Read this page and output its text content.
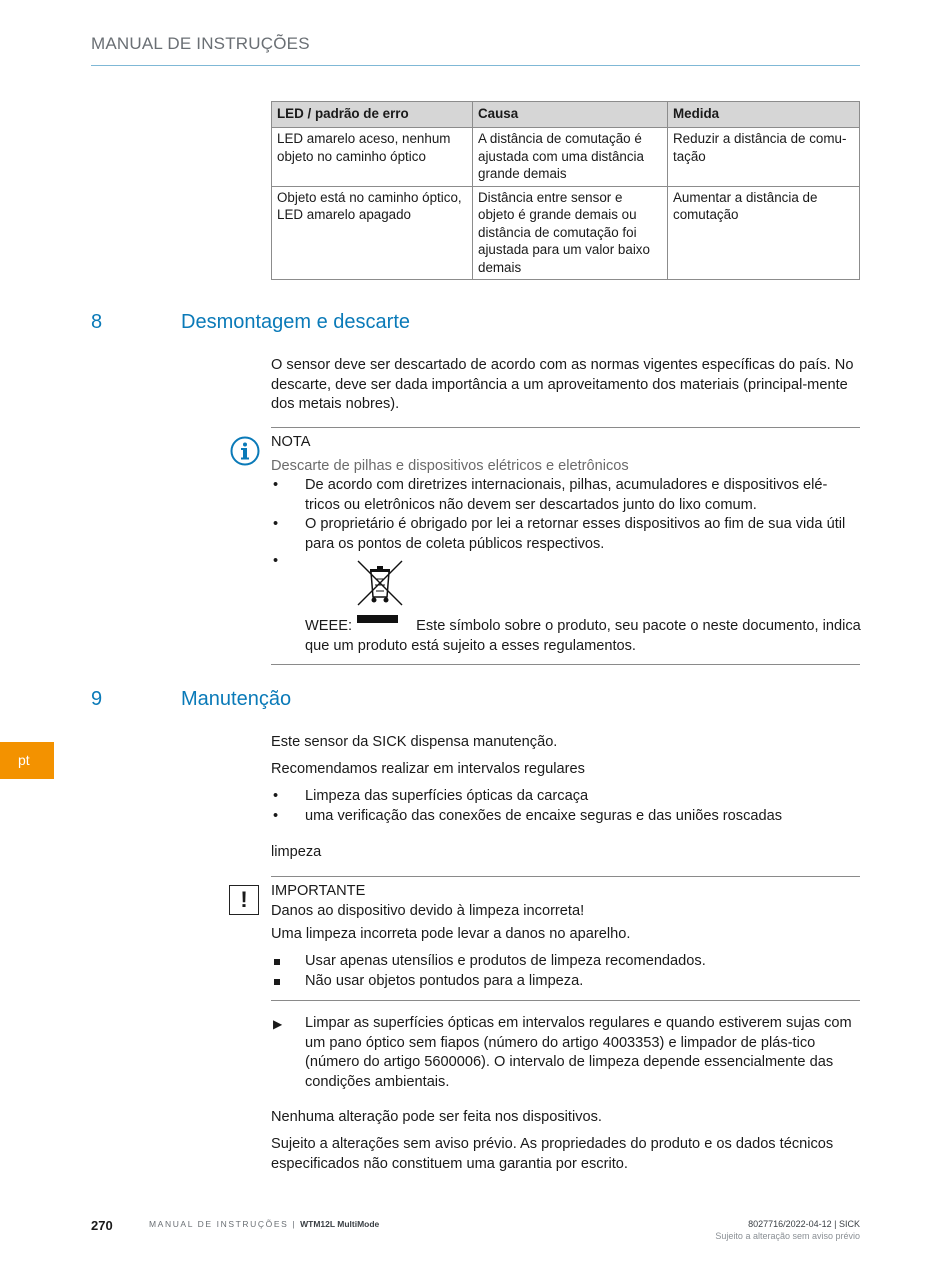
MANUAL DE INSTRUÇÕES
LED / padrão de erro	Causa	Medida
LED amarelo aceso, nenhum objeto no caminho óptico	A distância de comutação é ajustada com uma distância grande demais	Reduzir a distância de comu-tação
Objeto está no caminho óptico, LED amarelo apagado	Distância entre sensor e objeto é grande demais ou distância de comutação foi ajustada para um valor baixo demais	Aumentar a distância de comutação
8	Desmontagem e descarte
O sensor deve ser descartado de acordo com as normas vigentes específicas do país. No descarte, deve ser dada importância a um aproveitamento dos materiais (principal-mente dos metais nobres).
NOTA
Descarte de pilhas e dispositivos elétricos e eletrônicos
• De acordo com diretrizes internacionais, pilhas, acumuladores e dispositivos elé-tricos ou eletrônicos não devem ser descartados junto do lixo comum.
• O proprietário é obrigado por lei a retornar esses dispositivos ao fim de sua vida útil para os pontos de coleta públicos respectivos.
•
WEEE:	Este símbolo sobre o produto, seu pacote o neste documento, indica que um produto está sujeito a esses regulamentos.
pt
9	Manutenção
Este sensor da SICK dispensa manutenção.
Recomendamos realizar em intervalos regulares
• Limpeza das superfícies ópticas da carcaça
• uma verificação das conexões de encaixe seguras e das uniões roscadas
limpeza
!	IMPORTANTE
Danos ao dispositivo devido à limpeza incorreta!
Uma limpeza incorreta pode levar a danos no aparelho.
Usar apenas utensílios e produtos de limpeza recomendados.
Não usar objetos pontudos para a limpeza.
▶ Limpar as superfícies ópticas em intervalos regulares e quando estiverem sujas com um pano óptico sem fiapos (número do artigo 4003353) e limpador de plás-tico (número do artigo 5600006). O intervalo de limpeza depende essencialmente das condições ambientais.
Nenhuma alteração pode ser feita nos dispositivos.
Sujeito a alterações sem aviso prévio. As propriedades do produto e os dados técnicos especificados não constituem uma garantia por escrito.
270	MANUAL DE INSTRUÇÕES | WTM12L MultiMode	8027716/2022-04-12 | SICK
Sujeito a alteração sem aviso prévio
